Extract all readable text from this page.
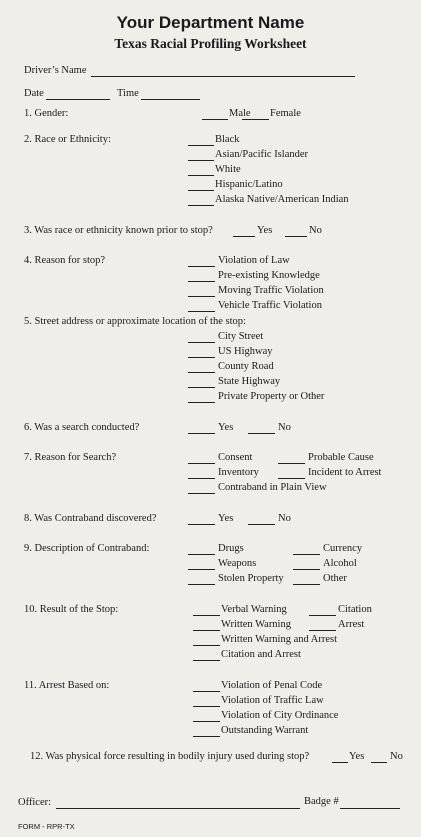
Your Department Name
Texas Racial Profiling Worksheet
Driver’s Name
Date	Time
1. Gender:	Male Female
2. Race or Ethnicity:	Black
Asian/Pacific Islander
White
Hispanic/Latino
Alaska Native/American Indian
3. Was race or ethnicity known prior to stop?	Yes	No
4. Reason for stop?	Violation of Law
Pre-existing Knowledge
Moving Traffic Violation
Vehicle Traffic Violation
5. Street address or approximate location of the stop:
City Street
US Highway
County Road
State Highway
Private Property or Other
6. Was a search conducted?	Yes	No
7. Reason for Search?	Consent	Probable Cause
Inventory	Incident to Arrest
Contraband in Plain View
8. Was Contraband discovered?	Yes	No
9. Description of Contraband:	Drugs	Currency
Weapons	Alcohol
Stolen Property	Other
10. Result of the Stop:	Verbal Warning	Citation
Written Warning	Arrest
Written Warning and Arrest
Citation and Arrest
11. Arrest Based on:	Violation of Penal Code
Violation of Traffic Law
Violation of City Ordinance
Outstanding Warrant
12. Was physical force resulting in bodily injury used during stop?	Yes No
Officer:	Badge #
FORM - RPR-TX
